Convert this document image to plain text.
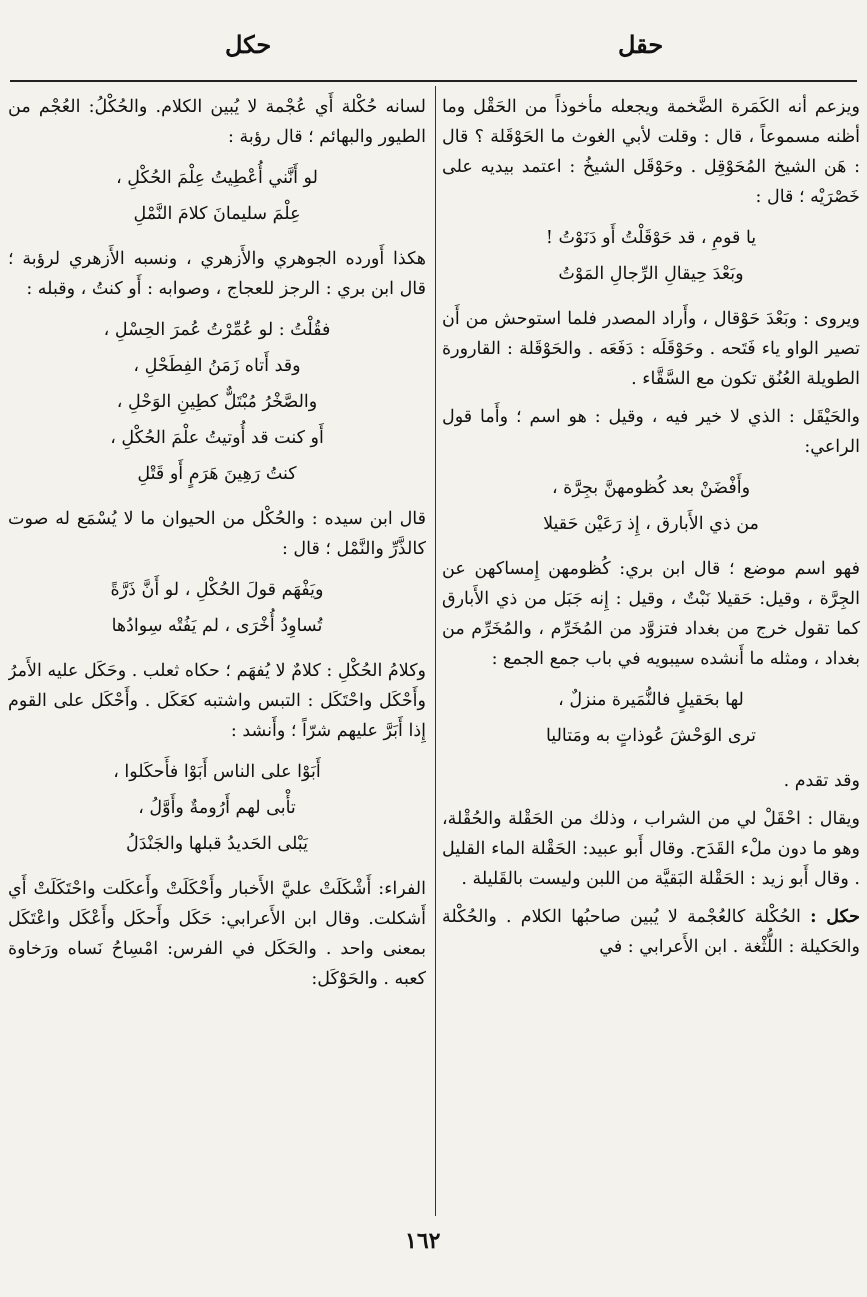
حكل	حقل

ويزعم أنه الكَمَرة الضَّخمة ويجعله مأخوذاً من الحَقْل وما أظنه مسموعاً ، قال : وقلت لأبي الغوث ما الحَوْقَلة ؟ قال : هَن الشيخ المُحَوْقِل . وحَوْقَل الشيخُ : اعتمد بيديه على خَصْرَيْه ؛ قال :

يا قومِ ، قد حَوْقَلْتُ أَو دَنَوْتُ !
وبَعْدَ حِيقالِ الرِّجالِ المَوْتُ

ويروى : وبَعْدَ حَوْقال ، وأَراد المصدر فلما استوحش من أَن تصير الواو ياء فَتَحه . وحَوْقَلَه : دَفَعَه . والحَوْقَلة : القارورة الطويلة العُنُق تكون مع السَّقَّاء .

والحَيْقَل : الذي لا خير فيه ، وقيل : هو اسم ؛ وأَما قول الراعي:

وأَفْضَنْ بعد كُظومهنَّ بجِرَّة ،
من ذي الأَبارق ، إِذ رَعَيْن حَقيلا

فهو اسم موضع ؛ قال ابن بري: كُظومهن إِمساكهن عن الجِرَّة ، وقيل: حَقيلا نَبْتٌ ، وقيل : إِنه جَبَل من ذي الأَبارق كما تقول خرج من بغداد فتزوَّد من المُخَرِّم ، والمُخَرِّم من بغداد ، ومثله ما أَنشده سيبويه في باب جمع الجمع :

لها بحَقيلٍ فالنُّمَيرة منزلٌ ،
ترى الوَحْشَ عُوذاتٍ به ومَتاليا

وقد تقدم .

ويقال : احْقَلْ لي من الشراب ، وذلك من الحَقْلة والحُقْلة، وهو ما دون ملْء القَدَح. وقال أَبو عبيد: الحَقْلة الماء القليل . وقال أَبو زيد : الحَقْلة البَقيَّة من اللبن وليست بالقَليلة .

حكل : الحُكْلة كالعُجْمة لا يُبين صاحبُها الكلام . والحُكْلة والحَكيلة : اللُّثْغة . ابن الأَعرابي : في

لسانه حُكْلة أَي عُجْمة لا يُبين الكلام. والحُكْلُ: العُجْم من الطيور والبهائم ؛ قال رؤبة :

لو أَنَّني أُعْطِيتُ عِلْمَ الحُكْلِ ،
عِلْمَ سليمانَ كلامَ النَّمْلِ

هكذا أَورده الجوهري والأَزهري ، ونسبه الأَزهري لرؤبة ؛ قال ابن بري : الرجز للعجاج ، وصوابه : أَو كنتُ ، وقبله :

فقُلْتُ : لو عُمِّرْتُ عُمرَ الحِسْلِ ،
وقد أَتاه زَمَنُ الفِطَحْلِ ،
والصَّخْرُ مُبْتَلٌّ كطِينِ الوَحْلِ ،
أَو كنت قد أُوتيتُ علْمَ الحُكْلِ ،
كنتُ رَهِينَ هَرَمٍ أَو قَتْلِ

قال ابن سيده : والحُكْل من الحيوان ما لا يُسْمَع له صوت كالذَّرِّ والنَّمْل ؛ قال :

ويَفْهَم قولَ الحُكْلِ ، لو أَنَّ ذَرَّةً
تُساوِدُ أُخْرَى ، لم يَفُتْه سِوادُها

وكلامُ الحُكْلِ : كلامٌ لا يُفهَم ؛ حكاه ثعلب . وحَكَل عليه الأَمرُ وأَحْكَل واحْتَكَل : التبس واشتبه كعَكَل . وأَحْكَل على القوم إِذا أَبَرَّ عليهم شرّاً ؛ وأَنشد :

أَبَوْا على الناس أَبَوْا فأَحكَلوا ،
تأْبى لهم أَرُومةٌ وأَوَّلُ ،
يَبْلى الحَديدُ قبلها والجَنْدَلُ

الفراء: أَشْكَلَتْ عليَّ الأَخبار وأَحْكَلَتْ وأَعكَلت واحْتَكَلَتْ أَي أَشكلت. وقال ابن الأَعرابي: حَكَل وأَحكَل وأَعْكَل واعْتَكَل بمعنى واحد . والحَكَل في الفرس: امْسِاحُ نَساه ورَخاوة كعبه . والحَوْكَل:

١٦٢
